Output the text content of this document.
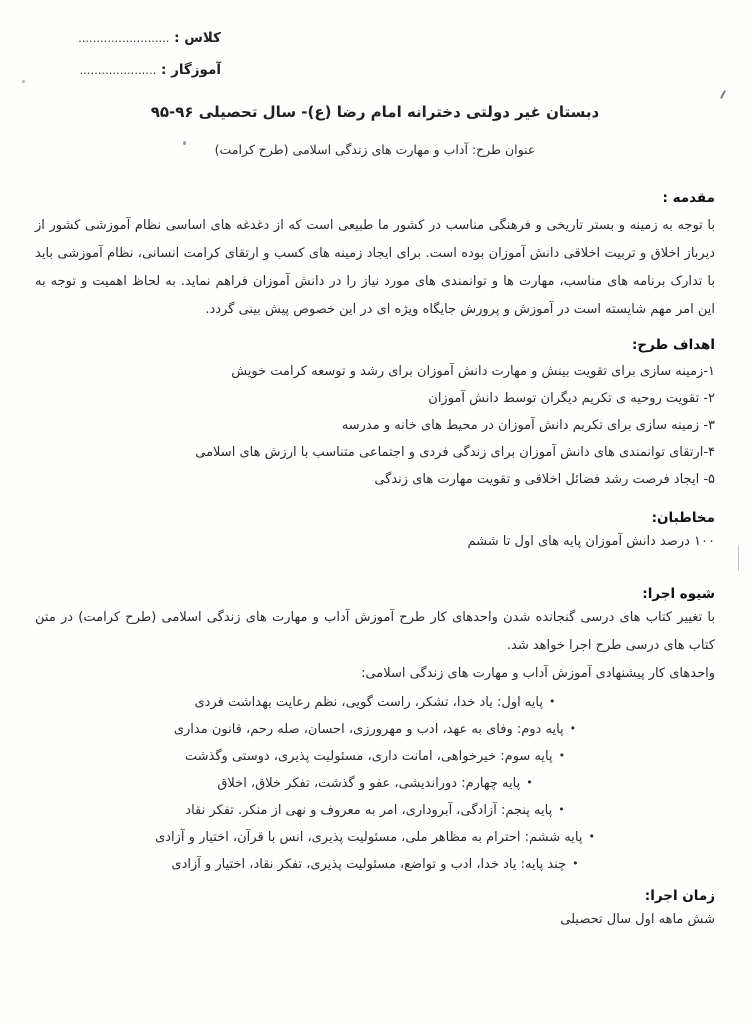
کلاس : .........................
آموزگار : .....................
دبستان غیر دولتی دخترانه امام رضا (ع)- سال تحصیلی ۹۶-۹۵
عنوان طرح: آداب و مهارت های زندگی اسلامی (طرح کرامت)
مقدمه :
با توجه به زمینه و بستر تاریخی و فرهنگی مناسب در کشور ما طبیعی است که از دغدغه های اساسی نظام آموزشی کشور از دیرباز اخلاق و تربیت اخلاقی دانش آموزان بوده است. برای ایجاد زمینه های کسب و ارتقای کرامت انسانی، نظام آموزشی باید با تدارک برنامه های مناسب، مهارت ها و توانمندی های مورد نیاز را در دانش آموزان فراهم نماید. به لحاظ اهمیت و توجه به این امر مهم شایسته است در آموزش و پرورش جایگاه ویژه ای در این خصوص پیش بینی گردد.
اهداف طرح:
۱-زمینه سازی برای تقویت بینش و مهارت دانش آموزان برای رشد و توسعه کرامت خویش
۲- تقویت روحیه ی تکریم دیگران توسط دانش آموزان
۳- زمینه سازی برای تکریم دانش آموزان در محیط های خانه و مدرسه
۴-ارتقای توانمندی های دانش آموزان برای زندگی فردی و اجتماعی متناسب با ارزش های اسلامی
۵- ایجاد فرصت رشد فضائل اخلاقی و تقویت مهارت های زندگی
مخاطبان:
۱۰۰ درصد دانش آموزان پایه های اول تا ششم
شیوه اجرا:
با تغییر کتاب های درسی گنجانده شدن واحدهای کار طرح آموزش آداب و مهارت های زندگی اسلامی (طرح کرامت) در متن کتاب های درسی طرح اجرا خواهد شد.
واحدهای کار پیشنهادی آموزش آداب و مهارت های زندگی اسلامی:
•پایه اول: یاد خدا، تشکر، راست گویی، نظم رعایت بهداشت فردی
•پایه دوم: وفای به عهد، ادب و مهرورزی، احسان، صله رحم، قانون مداری
•پایه سوم: خیرخواهی، امانت داری، مسئولیت پذیری، دوستی وگذشت
•پایه چهارم: دوراندیشی، عفو و گذشت، تفکر خلاق، اخلاق
•پایه پنجم: آزادگی، آبروداری، امر به معروف و نهی از منکر. تفکر نقاد
•پایه ششم: احترام به مظاهر ملی، مسئولیت پذیری، انس با قرآن، اختیار و آزادی
•چند پایه: یاد خدا، ادب و تواضع، مسئولیت پذیری، تفکر نقاد، اختیار و آزادی
زمان اجرا:
شش ماهه اول سال تحصیلی
